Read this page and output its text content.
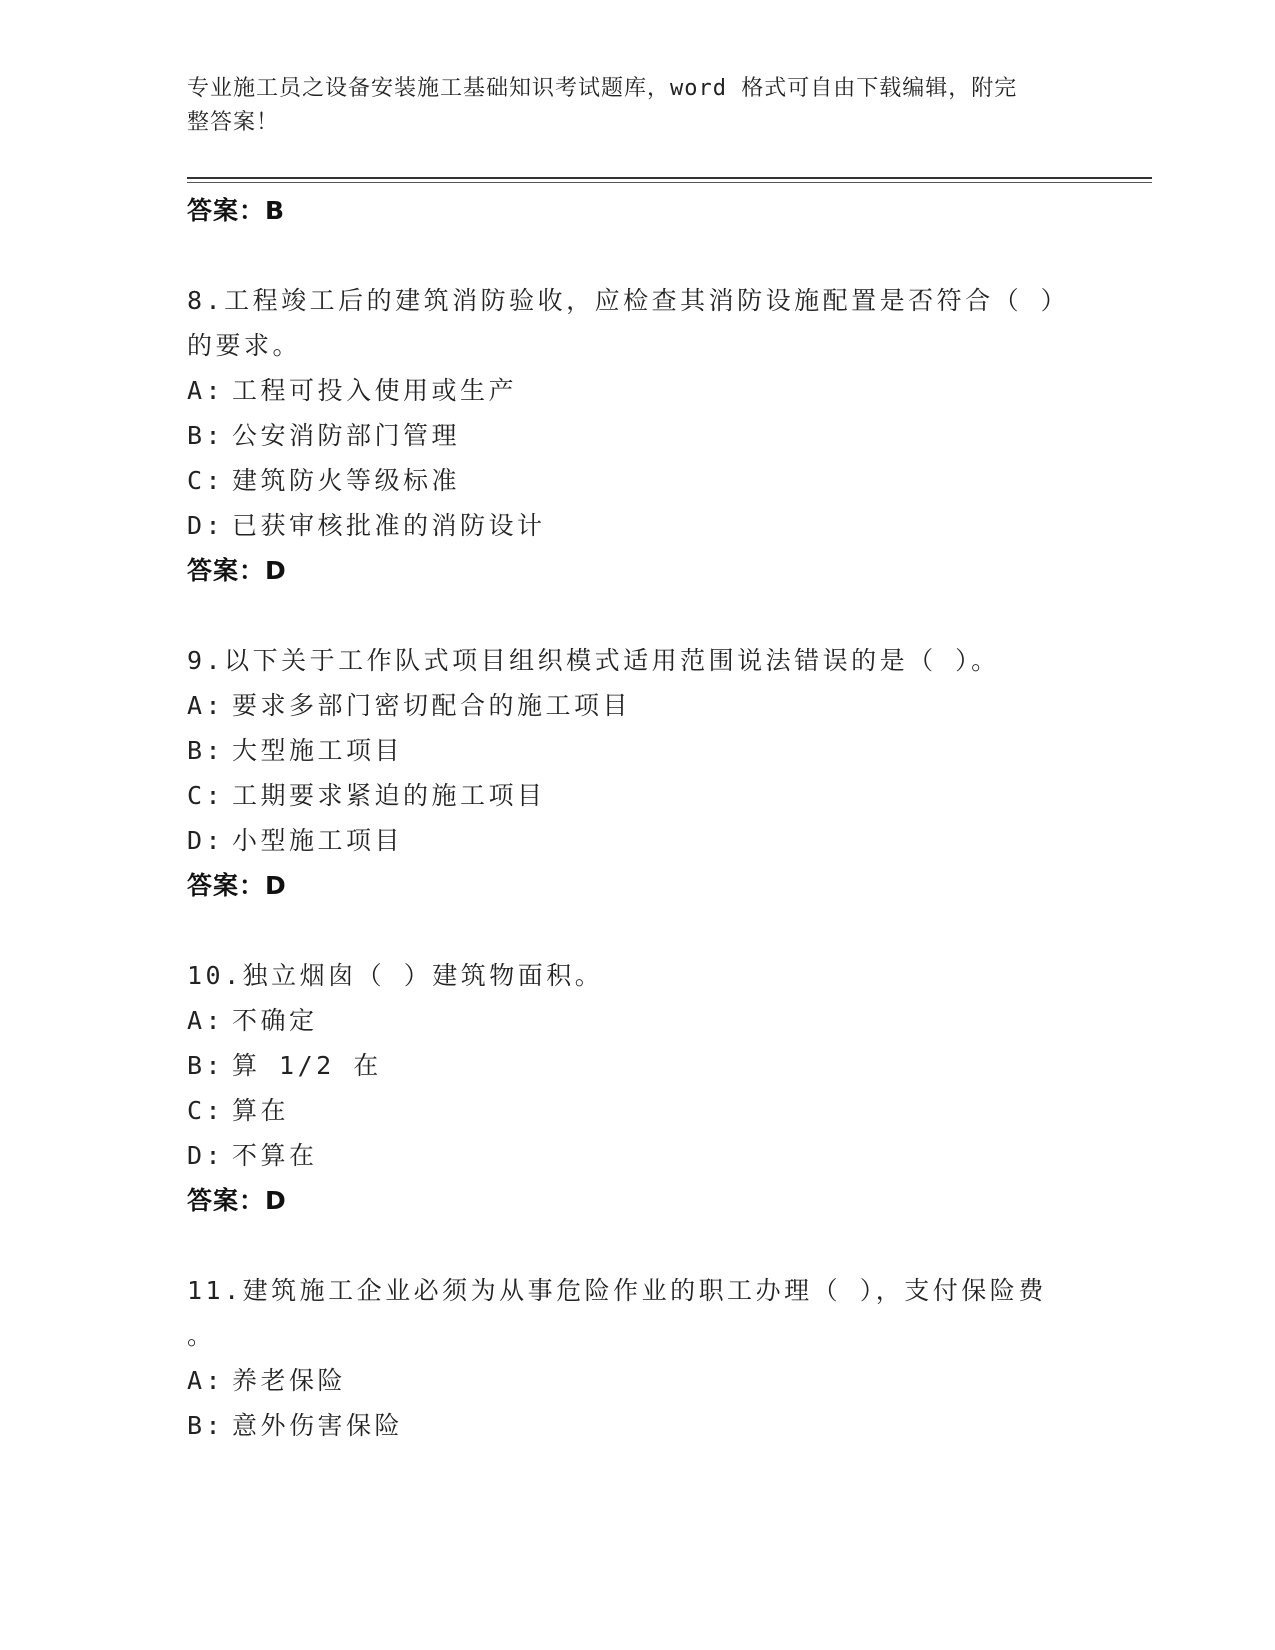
专业施工员之设备安装施工基础知识考试题库，word 格式可自由下载编辑，附完
整答案！
答案：B
8.工程竣工后的建筑消防验收，应检查其消防设施配置是否符合（ ）
的要求。
A: 工程可投入使用或生产
B: 公安消防部门管理
C: 建筑防火等级标准
D: 已获审核批准的消防设计
答案：D
9.以下关于工作队式项目组织模式适用范围说法错误的是（ ）。
A: 要求多部门密切配合的施工项目
B: 大型施工项目
C: 工期要求紧迫的施工项目
D: 小型施工项目
答案：D
10.独立烟囱（ ）建筑物面积。
A: 不确定
B: 算 1/2 在
C: 算在
D: 不算在
答案：D
11.建筑施工企业必须为从事危险作业的职工办理（ ），支付保险费
。
A: 养老保险
B: 意外伤害保险
